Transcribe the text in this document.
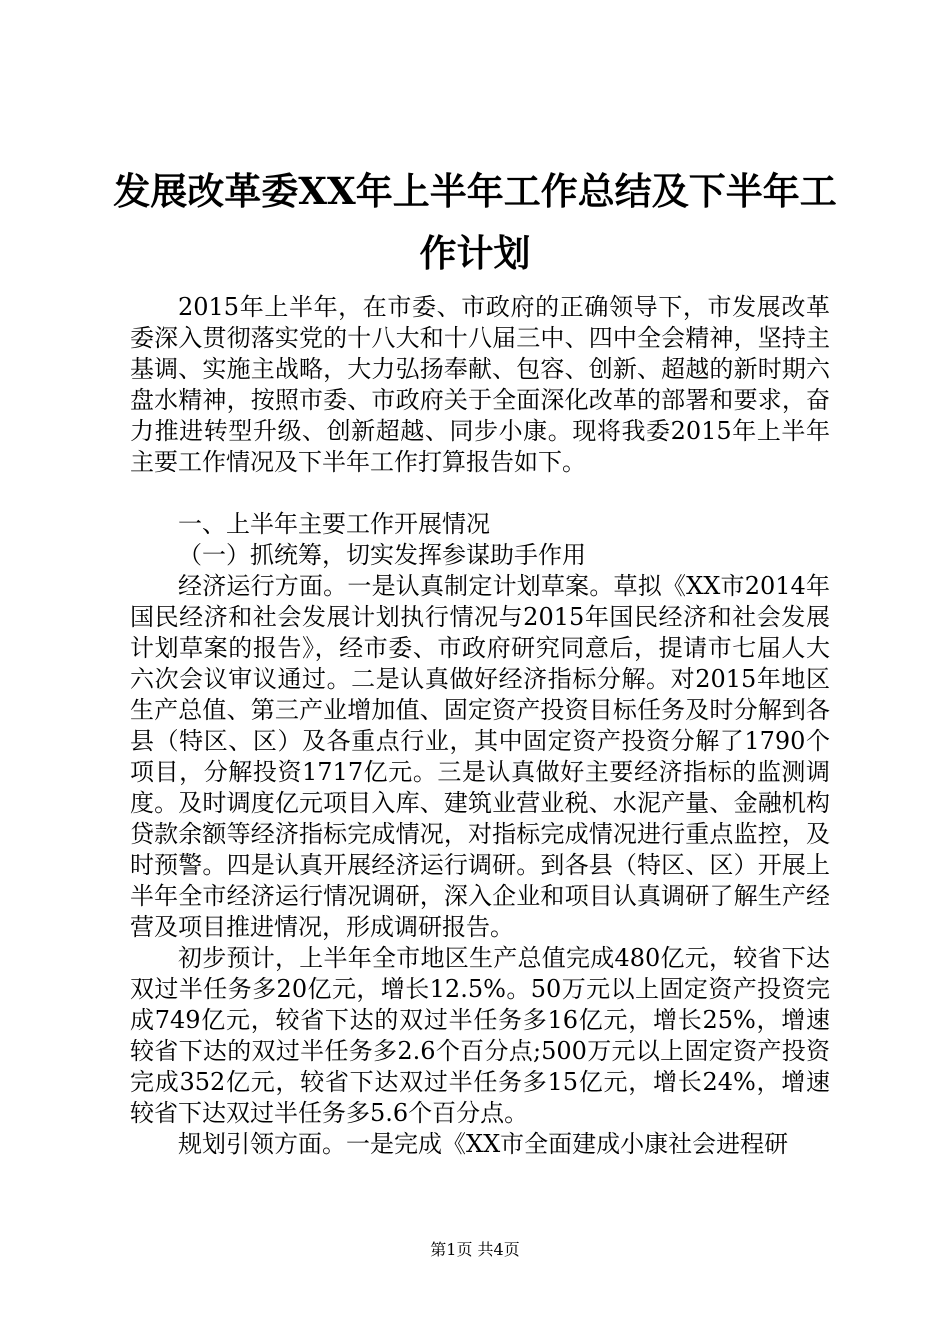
发展改革委XX年上半年工作总结及下半年工作计划

2015年上半年，在市委、市政府的正确领导下，市发展改革委深入贯彻落实党的十八大和十八届三中、四中全会精神，坚持主基调、实施主战略，大力弘扬奉献、包容、创新、超越的新时期六盘水精神，按照市委、市政府关于全面深化改革的部署和要求，奋力推进转型升级、创新超越、同步小康。现将我委2015年上半年主要工作情况及下半年工作打算报告如下。

一、上半年主要工作开展情况

（一）抓统筹，切实发挥参谋助手作用

经济运行方面。一是认真制定计划草案。草拟《XX市2014年国民经济和社会发展计划执行情况与2015年国民经济和社会发展计划草案的报告》，经市委、市政府研究同意后，提请市七届人大六次会议审议通过。二是认真做好经济指标分解。对2015年地区生产总值、第三产业增加值、固定资产投资目标任务及时分解到各县（特区、区）及各重点行业，其中固定资产投资分解了1790个项目，分解投资1717亿元。三是认真做好主要经济指标的监测调度。及时调度亿元项目入库、建筑业营业税、水泥产量、金融机构贷款余额等经济指标完成情况，对指标完成情况进行重点监控，及时预警。四是认真开展经济运行调研。到各县（特区、区）开展上半年全市经济运行情况调研，深入企业和项目认真调研了解生产经营及项目推进情况，形成调研报告。

初步预计，上半年全市地区生产总值完成480亿元，较省下达双过半任务多20亿元，增长12.5%。50万元以上固定资产投资完成749亿元，较省下达的双过半任务多16亿元，增长25%，增速较省下达的双过半任务多2.6个百分点;500万元以上固定资产投资完成352亿元，较省下达双过半任务多15亿元，增长24%，增速较省下达双过半任务多5.6个百分点。

规划引领方面。一是完成《XX市全面建成小康社会进程研

第1页 共4页
